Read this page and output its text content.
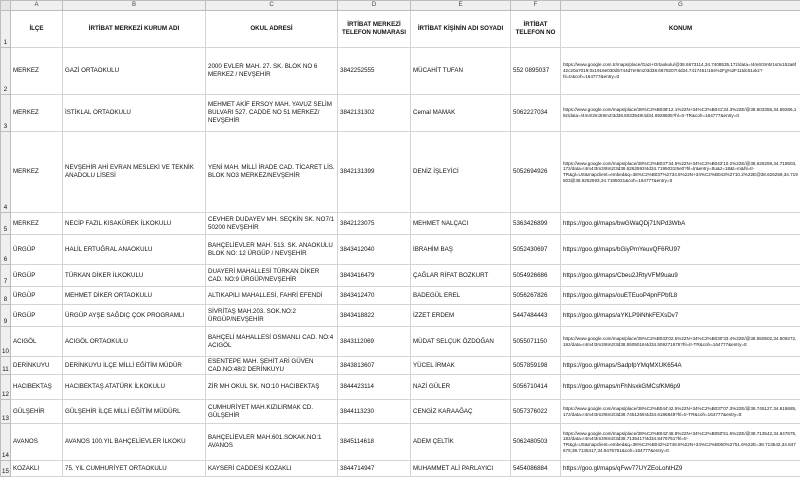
	A	B	C	D	E	F	G
1	İLÇE	İRTİBAT MERKEZİ KURUM ADI	OKUL ADRESİ	İRTİBAT MERKEZİ TELEFON NUMARASI	İRTİBAT KİŞİNİN ADI SOYADI	İRTİBAT TELEFON NO	KONUM
2	MERKEZ	GAZİ ORTAOKULU	2000 EVLER MAH. 27. SK. BLOK NO 6 MERKEZ / NEVŞEHİR	3842252555	MÜCAHİT TUFAN	552 0895037	https://www.google.com.tr/maps/place/Gazi+Ortaokulu/@38.6673114,34.7408535,17z/data=!4m6!3m5!1s0x152a6f42c20a7019:0x1916e030d5744d7e!8m2!3d38.6678207!4d34.7417451!16s%2Fg%2F11tdc51xkz?hl=tr&coh=164777&entry=tt
3	MERKEZ	İSTİKLAL ORTAOKULU	MEHMET AKİF ERSOY MAH. YAVUZ SELİM BULVARI 527. CADDE NO 51 MERKEZ/ NEVŞEHİR	3842131302	Cemal MAMAK	5062227034	https://www.google.com/maps/place/38%C2%B036'12.1%22N+34%C2%B041'34.3%22E/@38.603355,34.69286,19z/data=!4m4!3m3!8m2!3d38.6033548!4d34.6928605?hl=tr-TR&coh=164777&entry=tt
4	MERKEZ	NEVŞEHİR AHİ EVRAN MESLEKİ VE TEKNİK ANADOLU LİSESİ	YENİ MAH. MİLLİ İRADE CAD. TİCARET LİS. BLOK NO3 MERKEZ/NEVŞEHİR	3842131399	DENİZ İŞLEYİCİ	5052694926	https://www.google.com/maps/place/38%C2%B037'34.5%22N+34%C2%B043'10.2%22E/@38.626259,34.719503,17z/data=!4m4!3m3!8m2!3d38.6262593!4d34.7195031!5e0?hl=tr&entry=ttu&z=18&t=m&hl=tr-TR&gl=US&mapclient=embed&q=38%C2%B037%2734.5%22N+34%C2%B043%2710.2%22E@38.626259,34.719503@38.6262593,34.7195031&coh=164777&entry=tt
5	MERKEZ	NECİP FAZIL KISAKÜREK İLKOKULU	CEVHER DUDAYEV MH. SEÇKİN SK. NO7/1 50200 NEVŞEHİR	3842123075	MEHMET NALÇACI	5363426899	https://goo.gl/maps/bwGWaQDj71NPd3WbA
6	ÜRGÜP	HALİL ERTUĞRAL ANAOKULU	BAHÇELİEVLER MAH. 513. SK. ANAOKULU BLOK NO: 12 ÜRGÜP / NEVŞEHİR	3843412040	İBRAHİM BAŞ	5052430697	https://goo.gl/maps/bGiyPmYeuvQF6RU97
7	ÜRGÜP	TÜRKAN DİKER İLKOKULU	DUAYERİ MAHALLESİ TÜRKAN DİKER CAD. NO:9 ÜRGÜP/NEVŞEHİR	3843416479	ÇAĞLAR RİFAT BOZKURT	5054926686	https://goo.gl/maps/Cbeu2JRtyVFM9uau9
8	ÜRGÜP	MEHMET DİKER ORTAOKULU	ALTIKAPILI MAHALLESİ, FAHRİ EFENDİ	3843412470	BADEGÜL EREL	5056267826	https://goo.gl/maps/ouETEuoP4pnFPbfL8
9	ÜRGÜP	ÜRGÜP AYŞE SAĞDIÇ ÇOK PROGRAMLI	SİVRİTAŞ MAH.203. SOK.NO:2 ÜRGÜP/NEVŞEHİR	3843418822	İZZET ERDEM	5447484443	https://goo.gl/maps/aYKLP9iNhkFEXsDv7
10	ACIGÖL	ACIGÖL ORTAOKULU	BAHÇELİ MAHALLESİ OSMANLI CAD. NO:4 ACIGÖL	3843112069	MÜDAT SELÇUK ÖZDOĞAN	5055071150	https://www.google.com/maps/place/38%C2%B033'02.5%22N+34%C2%B030'33.4%22E/@38.550502,34.509272,19z/data=!4m4!3m3!8m2!3d38.5505016!4d34.509271676?hl=tr-TR&coh=164777&entry=tt
11	DERİNKUYU	DERİNKUYU İLÇE MİLLİ EĞİTİM MÜDÜR	ESENTEPE MAH. ŞEHİT ARİ GÜVEN CAD.NO:48/2 DERİNKUYU	3843813607	YÜCEL İRMAK	5057859198	https://goo.gl/maps/SadpfpYMqMXUK654A
12	HACIBEKTAŞ	HACIBEKTAŞ ATATÜRK İLKOKULU	ZİR MH OKUL SK. NO:10 HACIBEKTAŞ	3844423114	NAZİ GÜLER	5056710414	https://goo.gl/maps/nFhNsxkGMCsfKM6p9
13	GÜLŞEHİR	GÜLŞEHİR İLÇE MİLLİ EĞİTİM MÜDÜRL	CUMHURİYET MAH.KIZILIRMAK CD. GÜLŞEHİR	3844113230	CENGİZ KARAAĞAÇ	5057376022	https://www.google.com/maps/place/38%C2%B044'42.5%22N+34%C2%B037'07.3%22E/@38.745127,34.618685,17z/data=!4m4!3m3!8m2!3d38.7451265!4d34.6186849?hl=tr-TR&coh=164777&entry=tt
14	AVANOS	AVANOS 100.YIL BAHÇELİEVLER İLKOKU	BAHÇELİEVLER MAH.601.SOKAK.NO:1 AVANOS	3845114618	ADEM ÇELTİK	5062480503	https://www.google.com/maps/place/38%C2%B042'48.8%22N+34%C2%B050'51.6%22E/@38.713542,34.847675,18z/data=!4m4!3m3!8m2!3d38.7135417!4d34.8476751?hl=tr-TR&gl=US&mapclient=embed&q=38%C2%B042%2748.8%22N+34%C2%B050%2751.6%22E=38.713542,34.847675;38.7135417,34.8476751&coh=164777&entry=tt
15	KOZAKLI	75. YIL CUMHURİYET ORTAOKULU	KAYSERİ CADDESİ KOZAKLI	3844714947	MUHAMMET ALİ PARLAYICI	5454086884	https://goo.gl/maps/qFwv77UYZEoLohtHZ9
